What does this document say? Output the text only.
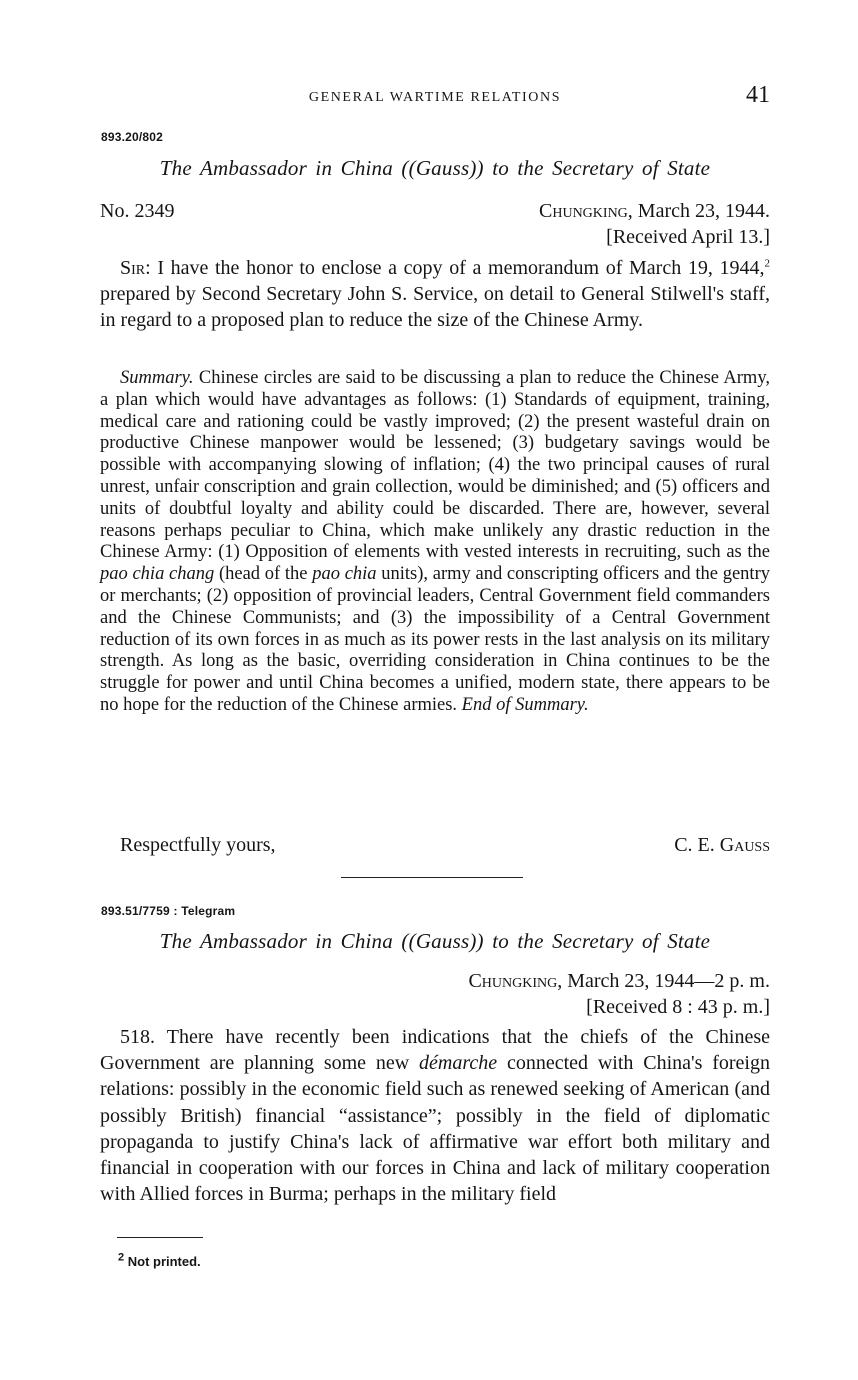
GENERAL WARTIME RELATIONS	41
893.20/802
The Ambassador in China ((Gauss)) to the Secretary of State
No. 2349	Chungking, March 23, 1944.
[Received April 13.]

Sir: I have the honor to enclose a copy of a memorandum of March 19, 1944,$^2$ prepared by Second Secretary John S. Service, on detail to General Stilwell's staff, in regard to a proposed plan to reduce the size of the Chinese Army.

Summary. Chinese circles are said to be discussing a plan to reduce the Chinese Army, a plan which would have advantages as follows: (1) Standards of equipment, training, medical care and rationing could be vastly improved; (2) the present wasteful drain on productive Chinese manpower would be lessened; (3) budgetary savings would be possible with accompanying slowing of inflation; (4) the two principal causes of rural unrest, unfair conscription and grain collection, would be diminished; and (5) officers and units of doubtful loyalty and ability could be discarded. There are, however, several reasons perhaps peculiar to China, which make unlikely any drastic reduction in the Chinese Army: (1) Opposition of elements with vested interests in recruiting, such as the pao chia chang (head of the pao chia units), army and conscripting officers and the gentry or merchants; (2) opposition of provincial leaders, Central Government field commanders and the Chinese Communists; and (3) the impossibility of a Central Government reduction of its own forces in as much as its power rests in the last analysis on its military strength. As long as the basic, overriding consideration in China continues to be the struggle for power and until China becomes a unified, modern state, there appears to be no hope for the reduction of the Chinese armies. End of Summary.

Respectfully yours,	C. E. Gauss
893.51/7759 : Telegram
The Ambassador in China ((Gauss)) to the Secretary of State
Chungking, March 23, 1944—2 p. m.
[Received 8 : 43 p. m.]

518. There have recently been indications that the chiefs of the Chinese Government are planning some new démarche connected with China's foreign relations: possibly in the economic field such as renewed seeking of American (and possibly British) financial “assistance”; possibly in the field of diplomatic propaganda to justify China's lack of affirmative war effort both military and financial in cooperation with our forces in China and lack of military cooperation with Allied forces in Burma; perhaps in the military field

$^2$ Not printed.
